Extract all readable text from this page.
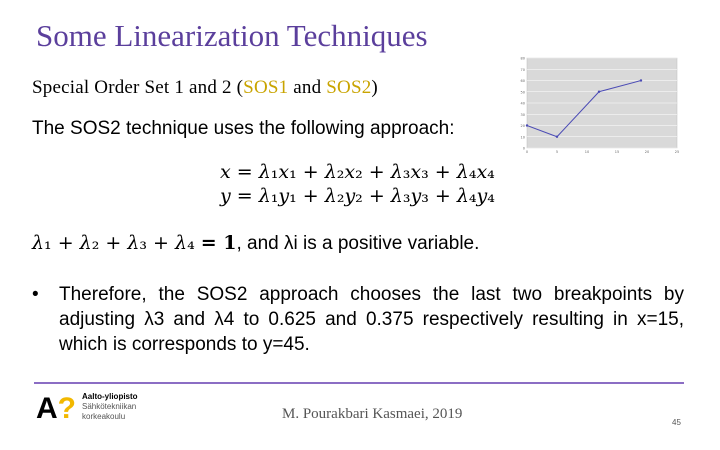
Some Linearization Techniques
Special Order Set 1 and 2 (SOS1 and SOS2)
The SOS2 technique uses the following approach:
x = λ₁x₁ + λ₂x₂ + λ₃x₃ + λ₄x₄
y = λ₁y₁ + λ₂y₂ + λ₃y₃ + λ₄y₄
λ₁ + λ₂ + λ₃ + λ₄ = 1, and λi is a positive variable.
• Therefore, the SOS2 approach chooses the last two breakpoints by adjusting λ3 and λ4 to 0.625 and 0.375 respectively resulting in x=15, which is corresponds to y=45.
0
10
20
30
40
50
60
70
80
0	5	10	15	20	25
A? Aalto-yliopisto
Sähkötekniikan
korkeakoulu	M. Pourakbari Kasmaei, 2019
45
